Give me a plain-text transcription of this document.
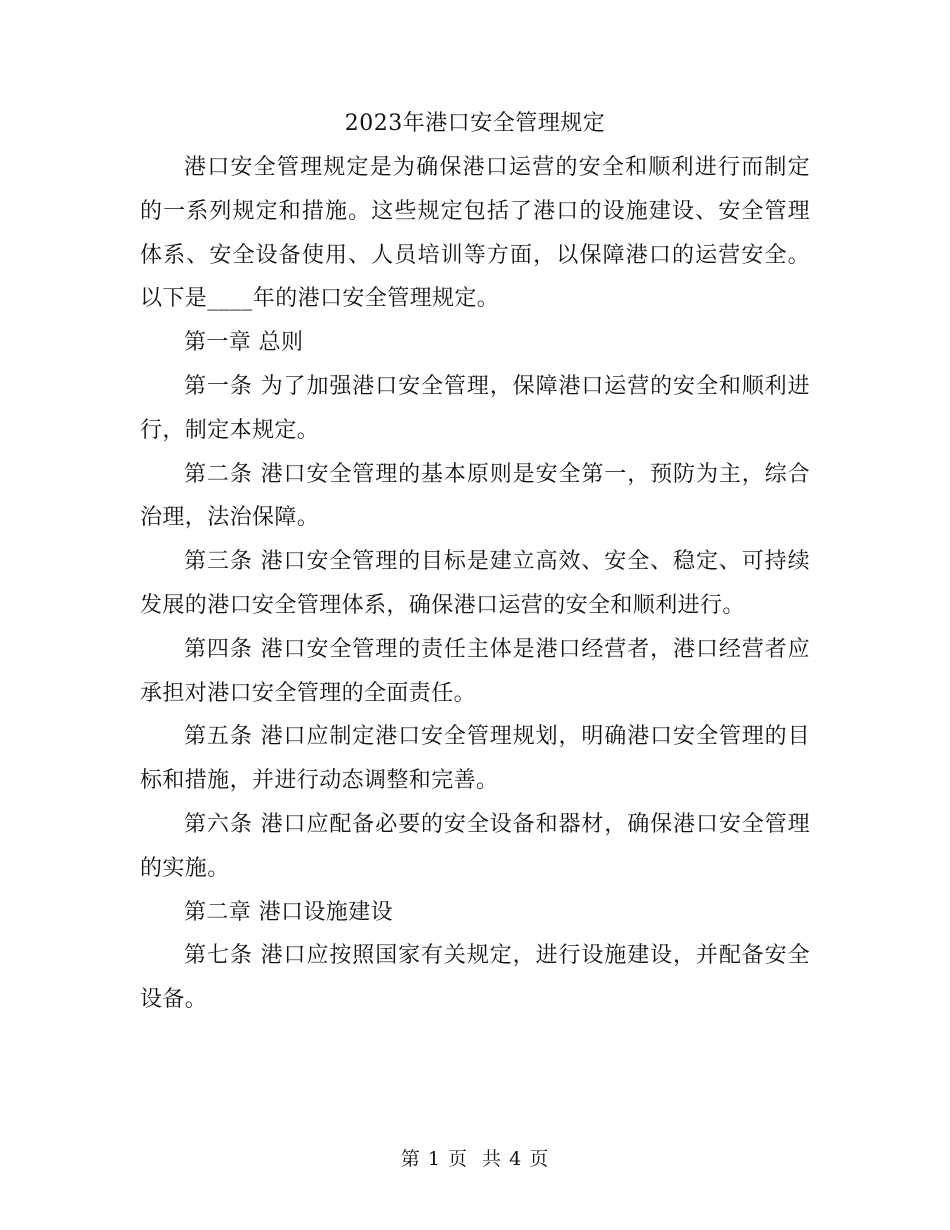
2023年港口安全管理规定

港口安全管理规定是为确保港口运营的安全和顺利进行而制定的一系列规定和措施。这些规定包括了港口的设施建设、安全管理体系、安全设备使用、人员培训等方面，以保障港口的运营安全。以下是____年的港口安全管理规定。

第一章 总则

第一条 为了加强港口安全管理，保障港口运营的安全和顺利进行，制定本规定。

第二条 港口安全管理的基本原则是安全第一，预防为主，综合治理，法治保障。

第三条 港口安全管理的目标是建立高效、安全、稳定、可持续发展的港口安全管理体系，确保港口运营的安全和顺利进行。

第四条 港口安全管理的责任主体是港口经营者，港口经营者应承担对港口安全管理的全面责任。

第五条 港口应制定港口安全管理规划，明确港口安全管理的目标和措施，并进行动态调整和完善。

第六条 港口应配备必要的安全设备和器材，确保港口安全管理的实施。

第二章 港口设施建设

第七条 港口应按照国家有关规定，进行设施建设，并配备安全设备。

第 1 页  共 4 页
